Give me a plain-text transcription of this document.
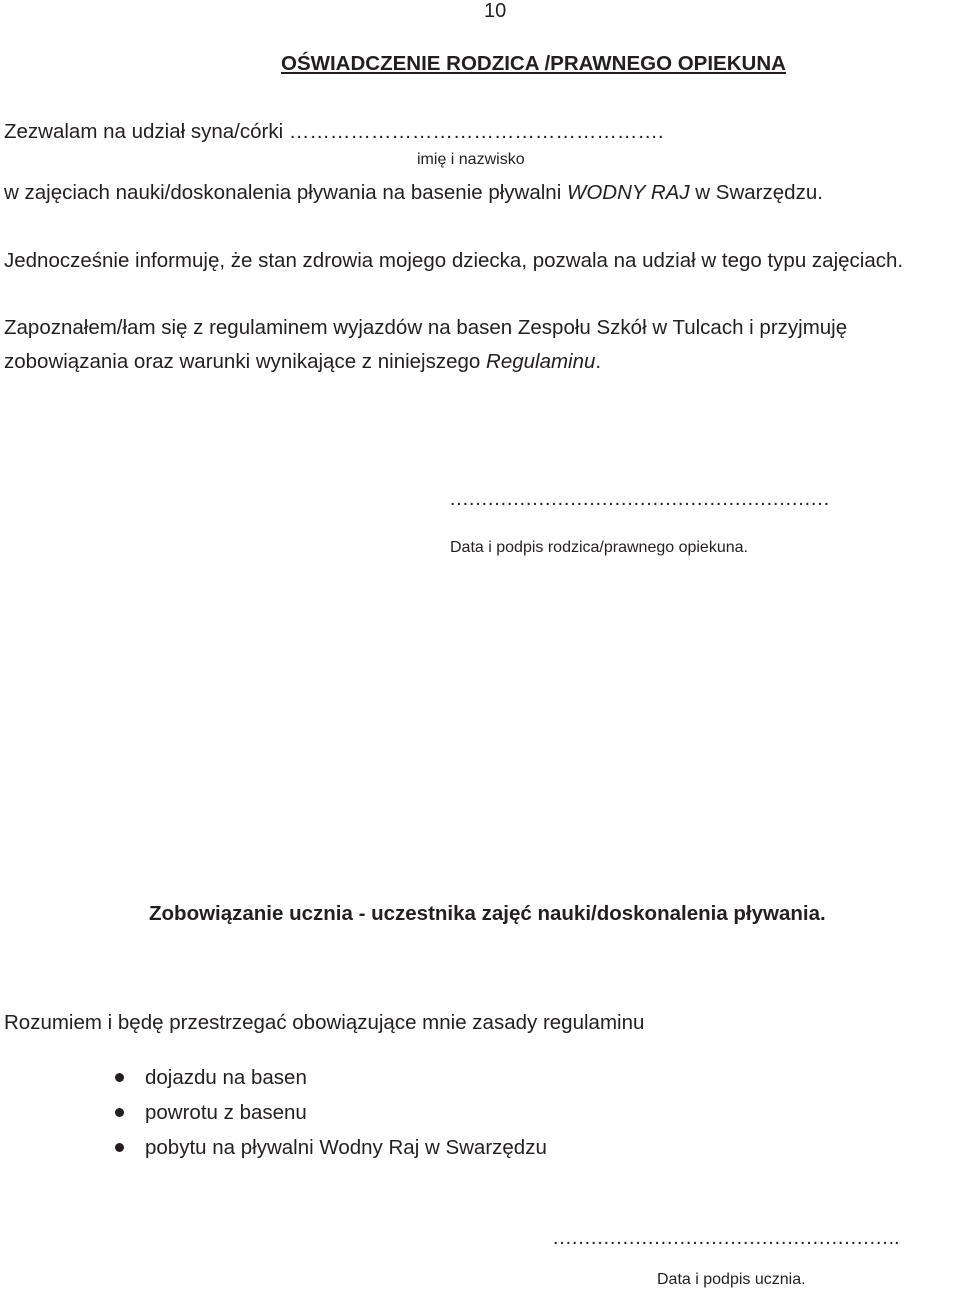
10
OŚWIADCZENIE RODZICA /PRAWNEGO OPIEKUNA
Zezwalam na udział syna/córki ……………………………………………….
imię i nazwisko
w zajęciach nauki/doskonalenia pływania na basenie pływalni WODNY RAJ w Swarzędzu.
Jednocześnie informuję, że stan zdrowia mojego dziecka, pozwala na udział w tego typu zajęciach.
Zapoznałem/łam się z regulaminem wyjazdów na basen Zespołu Szkół w Tulcach i przyjmuję
zobowiązania oraz warunki wynikające z niniejszego Regulaminu.
……………………………………………………
Data i podpis rodzica/prawnego opiekuna.
Zobowiązanie ucznia - uczestnika zajęć nauki/doskonalenia pływania.
Rozumiem i będę przestrzegać obowiązujące mnie zasady regulaminu
dojazdu na basen
powrotu z basenu
pobytu na pływalni Wodny Raj w Swarzędzu
……………………………………………….
Data i podpis ucznia.
